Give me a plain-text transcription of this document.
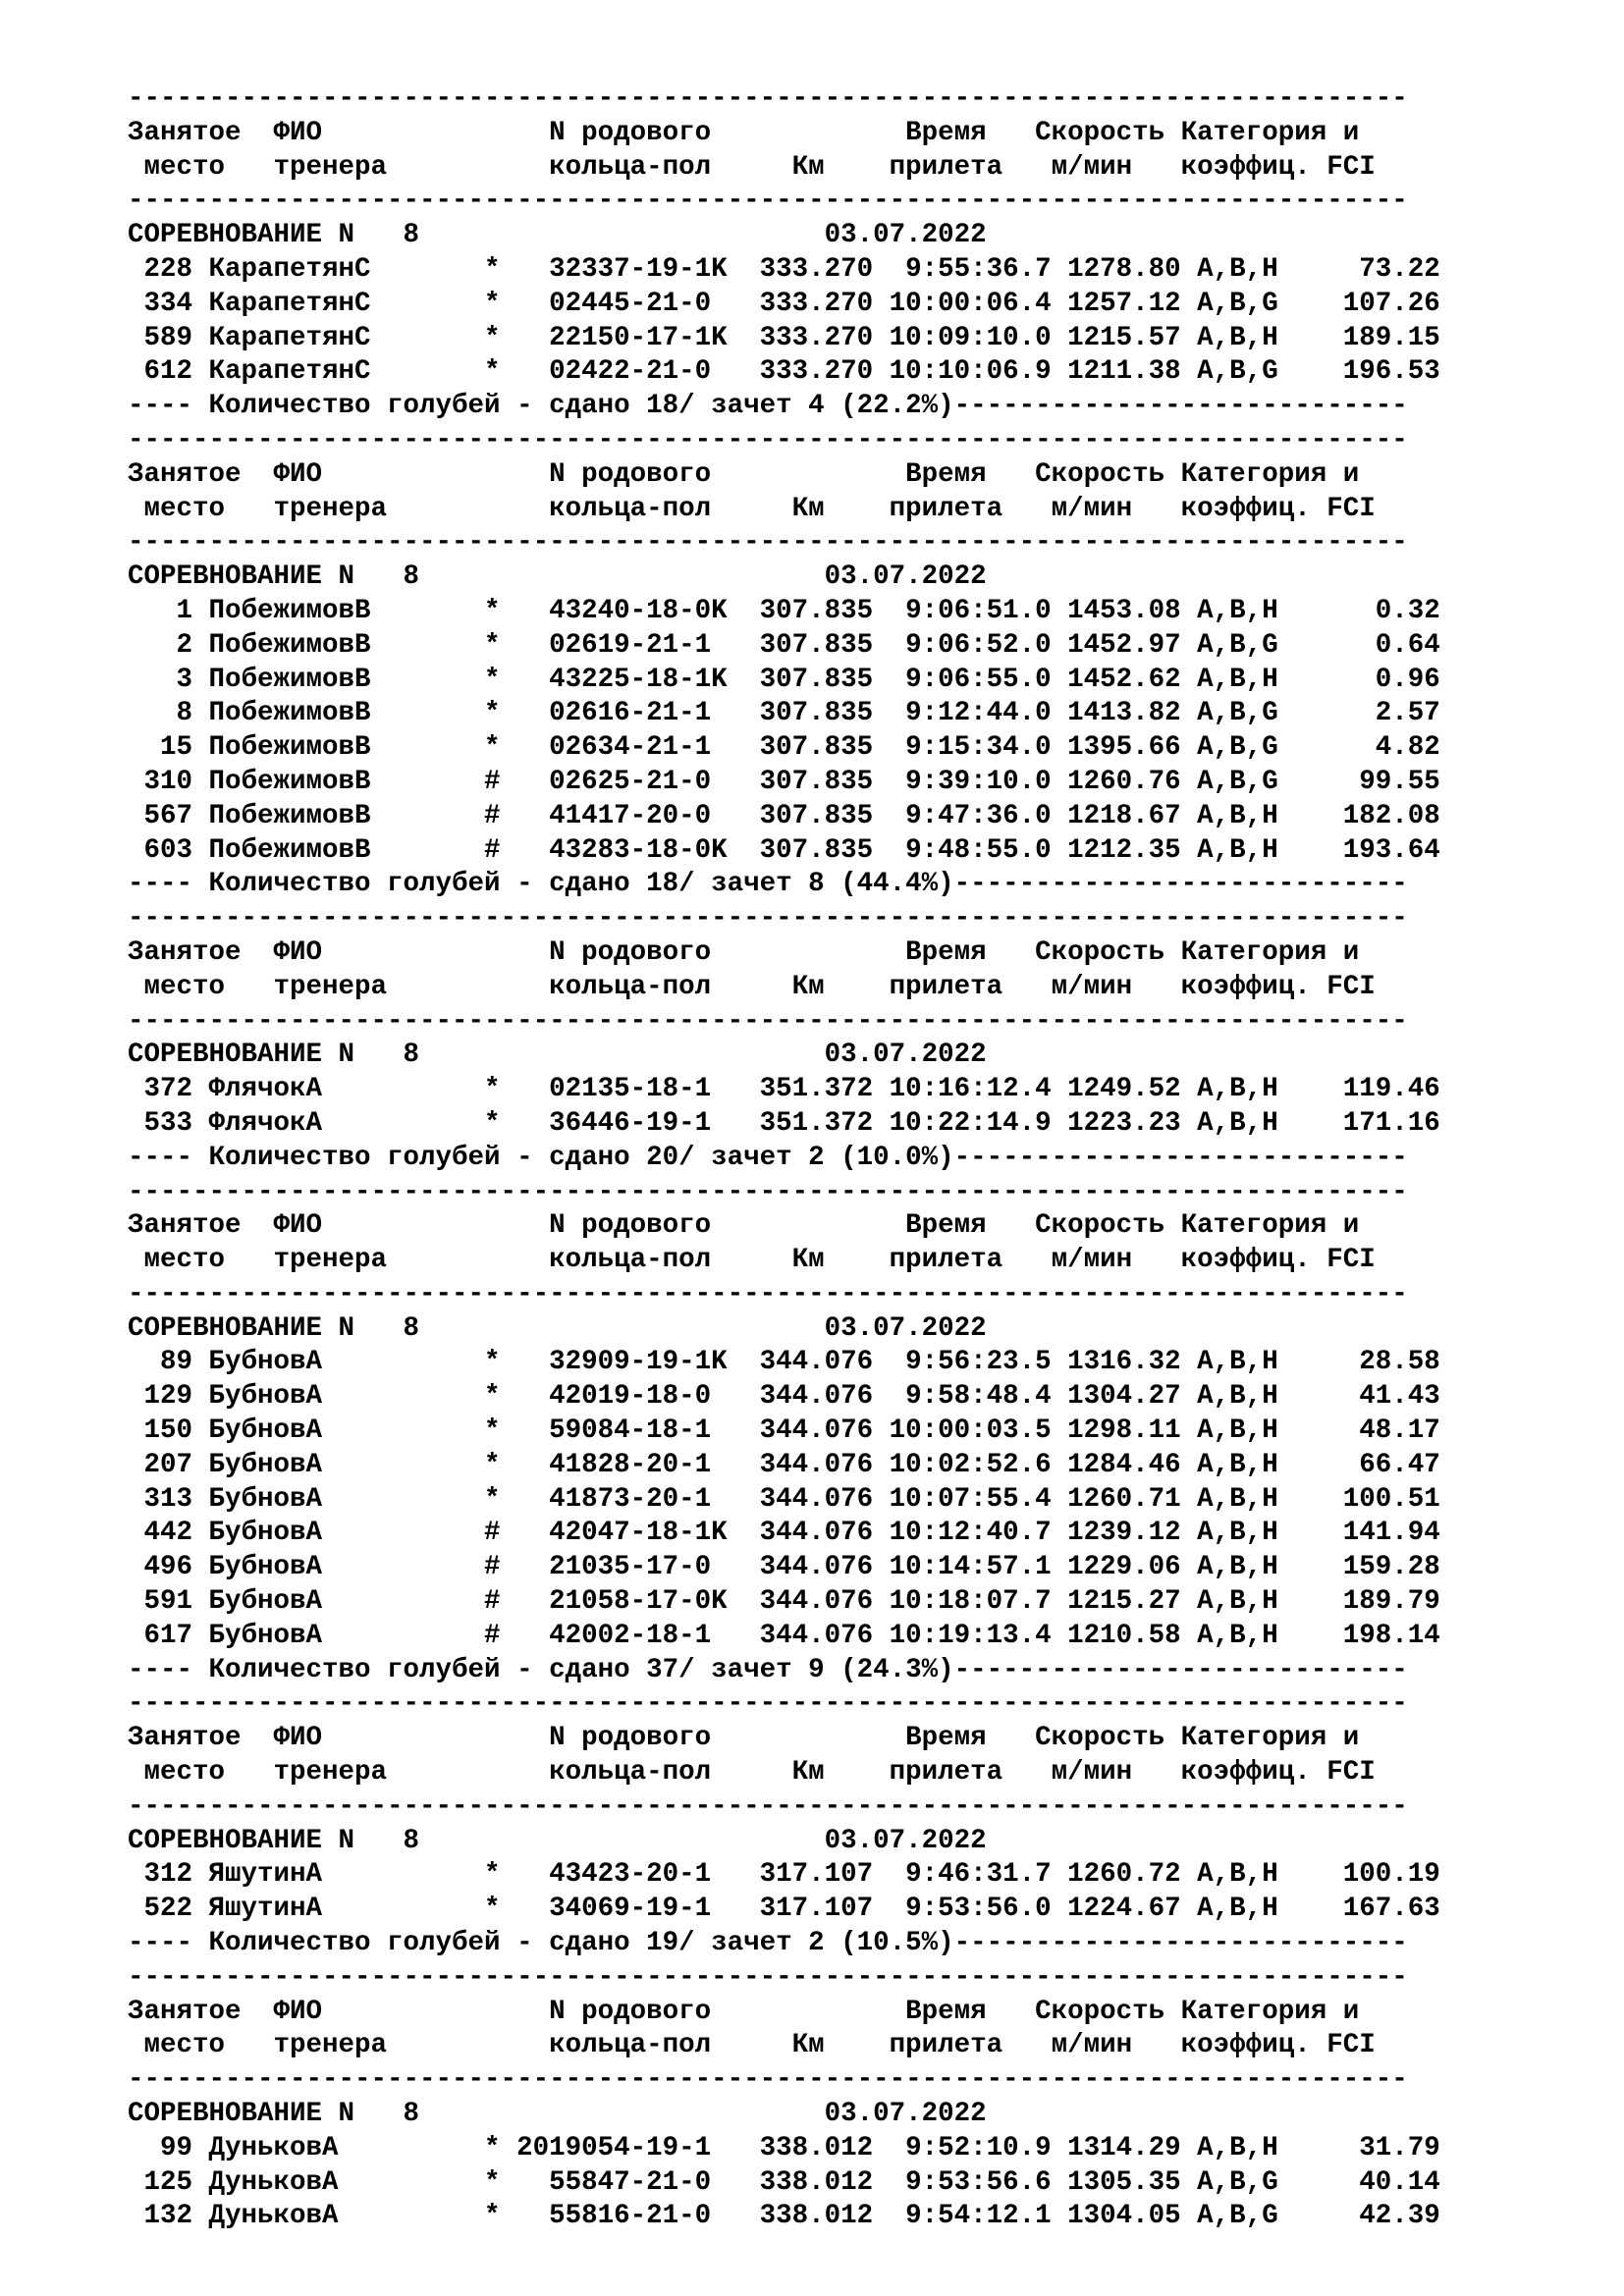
-------------------------------------------------------------------------------
Занятое  ФИО              N родового            Время   Скорость Категория и
место   тренера          кольца-пол     Км    прилета   м/мин   коэффиц. FCI
-------------------------------------------------------------------------------
СОРЕВНОВАНИЕ N   8                         03.07.2022
228 КарапетянС       *   32337-19-1K  333.270  9:55:36.7 1278.80 A,B,H     73.22
334 КарапетянС       *   02445-21-0   333.270 10:00:06.4 1257.12 A,B,G    107.26
589 КарапетянС       *   22150-17-1K  333.270 10:09:10.0 1215.57 A,B,H    189.15
612 КарапетянС       *   02422-21-0   333.270 10:10:06.9 1211.38 A,B,G    196.53
---- Количество голубей - сдано 18/ зачет 4 (22.2%)----------------------------
-------------------------------------------------------------------------------
Занятое  ФИО              N родового            Время   Скорость Категория и
место   тренера          кольца-пол     Км    прилета   м/мин   коэффиц. FCI
-------------------------------------------------------------------------------
СОРЕВНОВАНИЕ N   8                         03.07.2022
1 ПобежимовВ       *   43240-18-0K  307.835  9:06:51.0 1453.08 A,B,H      0.32
2 ПобежимовВ       *   02619-21-1   307.835  9:06:52.0 1452.97 A,B,G      0.64
3 ПобежимовВ       *   43225-18-1K  307.835  9:06:55.0 1452.62 A,B,H      0.96
8 ПобежимовВ       *   02616-21-1   307.835  9:12:44.0 1413.82 A,B,G      2.57
15 ПобежимовВ       *   02634-21-1   307.835  9:15:34.0 1395.66 A,B,G      4.82
310 ПобежимовВ       #   02625-21-0   307.835  9:39:10.0 1260.76 A,B,G     99.55
567 ПобежимовВ       #   41417-20-0   307.835  9:47:36.0 1218.67 A,B,H    182.08
603 ПобежимовВ       #   43283-18-0K  307.835  9:48:55.0 1212.35 A,B,H    193.64
---- Количество голубей - сдано 18/ зачет 8 (44.4%)----------------------------
-------------------------------------------------------------------------------
Занятое  ФИО              N родового            Время   Скорость Категория и
место   тренера          кольца-пол     Км    прилета   м/мин   коэффиц. FCI
-------------------------------------------------------------------------------
СОРЕВНОВАНИЕ N   8                         03.07.2022
372 ФлячокА          *   02135-18-1   351.372 10:16:12.4 1249.52 A,B,H    119.46
533 ФлячокА          *   36446-19-1   351.372 10:22:14.9 1223.23 A,B,H    171.16
---- Количество голубей - сдано 20/ зачет 2 (10.0%)----------------------------
-------------------------------------------------------------------------------
Занятое  ФИО              N родового            Время   Скорость Категория и
место   тренера          кольца-пол     Км    прилета   м/мин   коэффиц. FCI
-------------------------------------------------------------------------------
СОРЕВНОВАНИЕ N   8                         03.07.2022
89 БубновА          *   32909-19-1K  344.076  9:56:23.5 1316.32 A,B,H     28.58
129 БубновА          *   42019-18-0   344.076  9:58:48.4 1304.27 A,B,H     41.43
150 БубновА          *   59084-18-1   344.076 10:00:03.5 1298.11 A,B,H     48.17
207 БубновА          *   41828-20-1   344.076 10:02:52.6 1284.46 A,B,H     66.47
313 БубновА          *   41873-20-1   344.076 10:07:55.4 1260.71 A,B,H    100.51
442 БубновА          #   42047-18-1K  344.076 10:12:40.7 1239.12 A,B,H    141.94
496 БубновА          #   21035-17-0   344.076 10:14:57.1 1229.06 A,B,H    159.28
591 БубновА          #   21058-17-0K  344.076 10:18:07.7 1215.27 A,B,H    189.79
617 БубновА          #   42002-18-1   344.076 10:19:13.4 1210.58 A,B,H    198.14
---- Количество голубей - сдано 37/ зачет 9 (24.3%)----------------------------
-------------------------------------------------------------------------------
Занятое  ФИО              N родового            Время   Скорость Категория и
место   тренера          кольца-пол     Км    прилета   м/мин   коэффиц. FCI
-------------------------------------------------------------------------------
СОРЕВНОВАНИЕ N   8                         03.07.2022
312 ЯшутинА          *   43423-20-1   317.107  9:46:31.7 1260.72 A,B,H    100.19
522 ЯшутинА          *   34069-19-1   317.107  9:53:56.0 1224.67 A,B,H    167.63
---- Количество голубей - сдано 19/ зачет 2 (10.5%)----------------------------
-------------------------------------------------------------------------------
Занятое  ФИО              N родового            Время   Скорость Категория и
место   тренера          кольца-пол     Км    прилета   м/мин   коэффиц. FCI
-------------------------------------------------------------------------------
СОРЕВНОВАНИЕ N   8                         03.07.2022
99 ДуньковА         * 2019054-19-1   338.012  9:52:10.9 1314.29 A,B,H     31.79
125 ДуньковА         *   55847-21-0   338.012  9:53:56.6 1305.35 A,B,G     40.14
132 ДуньковА         *   55816-21-0   338.012  9:54:12.1 1304.05 A,B,G     42.39
